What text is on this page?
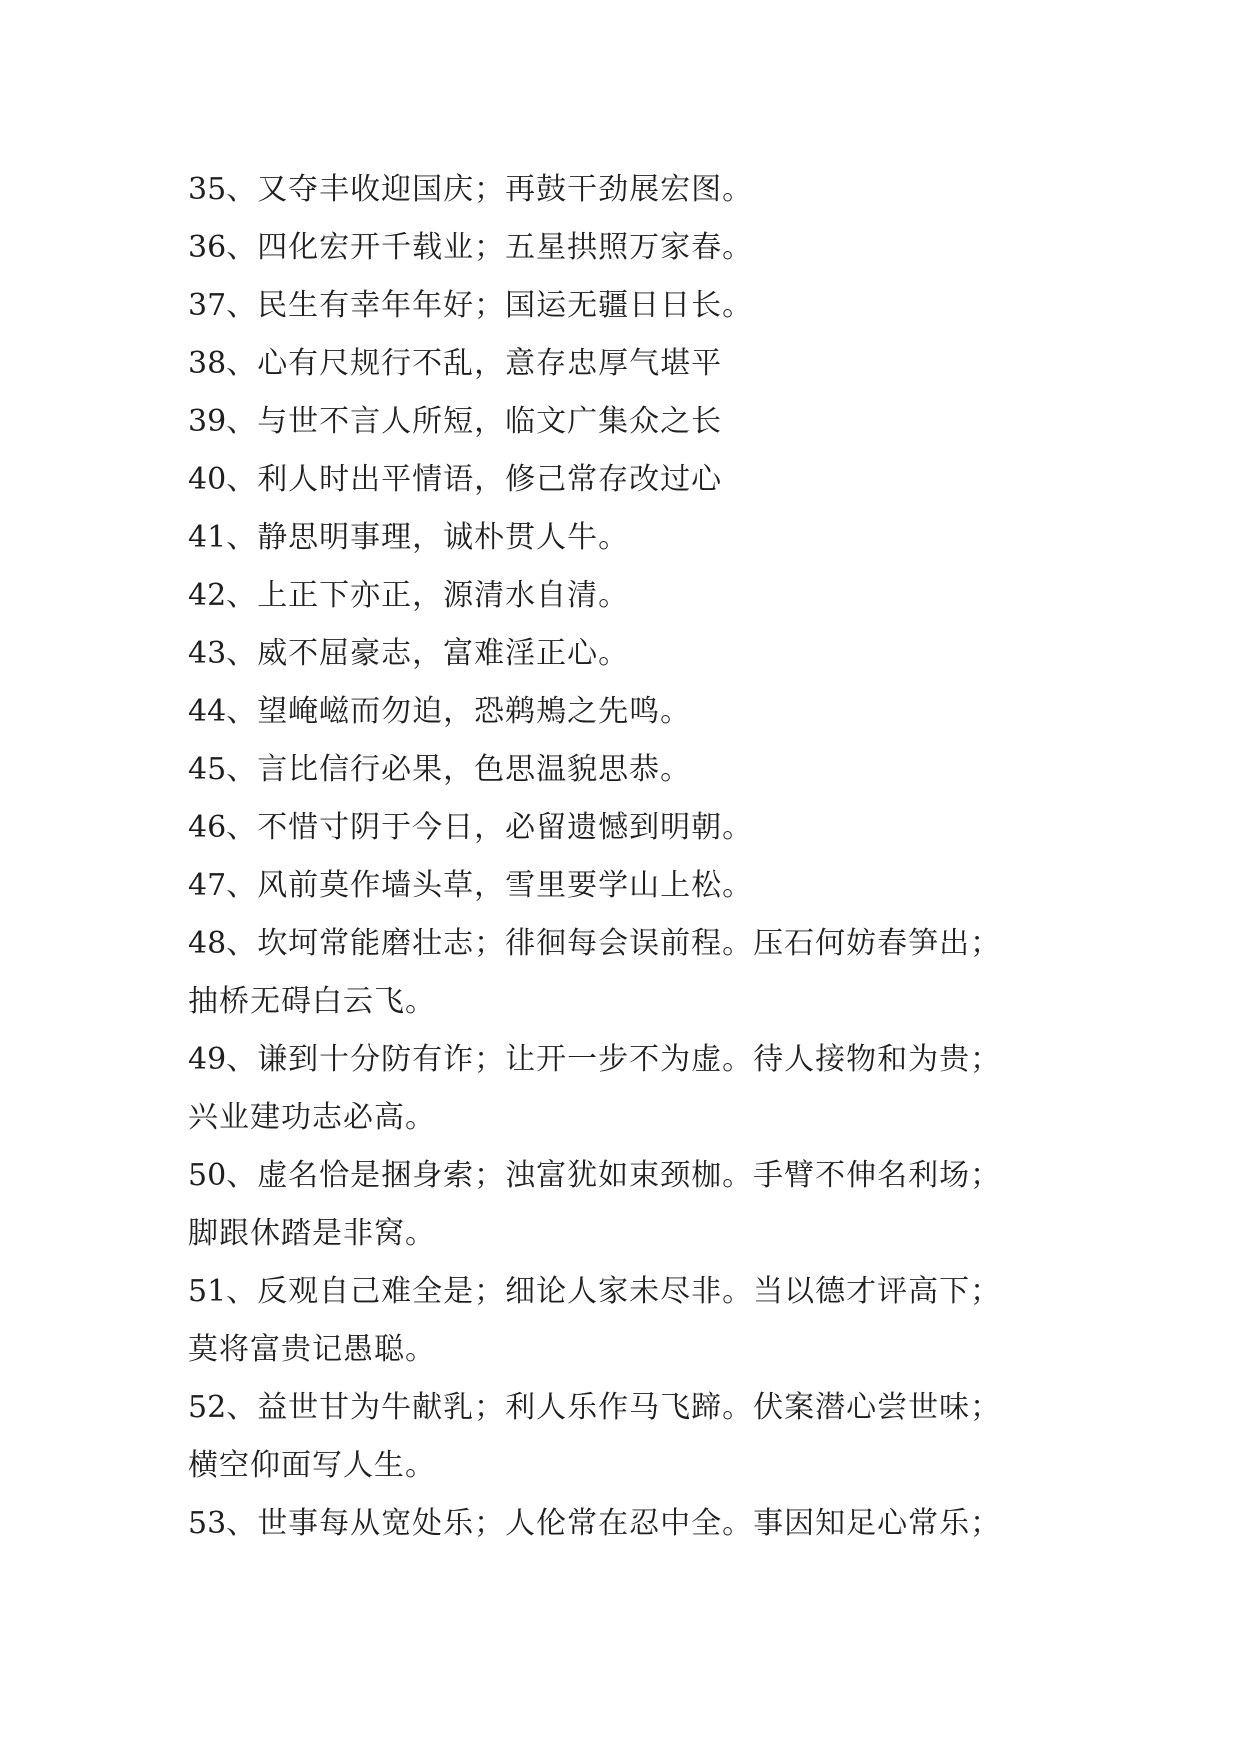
35、又夺丰收迎国庆；再鼓干劲展宏图。
36、四化宏开千载业；五星拱照万家春。
37、民生有幸年年好；国运无疆日日长。
38、心有尺规行不乱，意存忠厚气堪平
39、与世不言人所短，临文广集众之长
40、利人时出平情语，修己常存改过心
41、静思明事理，诚朴贯人牛。
42、上正下亦正，源清水自清。
43、威不屈豪志，富难淫正心。
44、望崦嵫而勿迫，恐鹈鴂之先鸣。
45、言比信行必果，色思温貌思恭。
46、不惜寸阴于今日，必留遗憾到明朝。
47、风前莫作墙头草，雪里要学山上松。
48、坎坷常能磨壮志；徘徊每会误前程。压石何妨春笋出；
抽桥无碍白云飞。
49、谦到十分防有诈；让开一步不为虚。待人接物和为贵；
兴业建功志必高。
50、虚名恰是捆身索；浊富犹如束颈枷。手臂不伸名利场；
脚跟休踏是非窝。
51、反观自己难全是；细论人家未尽非。当以德才评高下；
莫将富贵记愚聪。
52、益世甘为牛献乳；利人乐作马飞蹄。伏案潜心尝世味；
横空仰面写人生。
53、世事每从宽处乐；人伦常在忍中全。事因知足心常乐；
